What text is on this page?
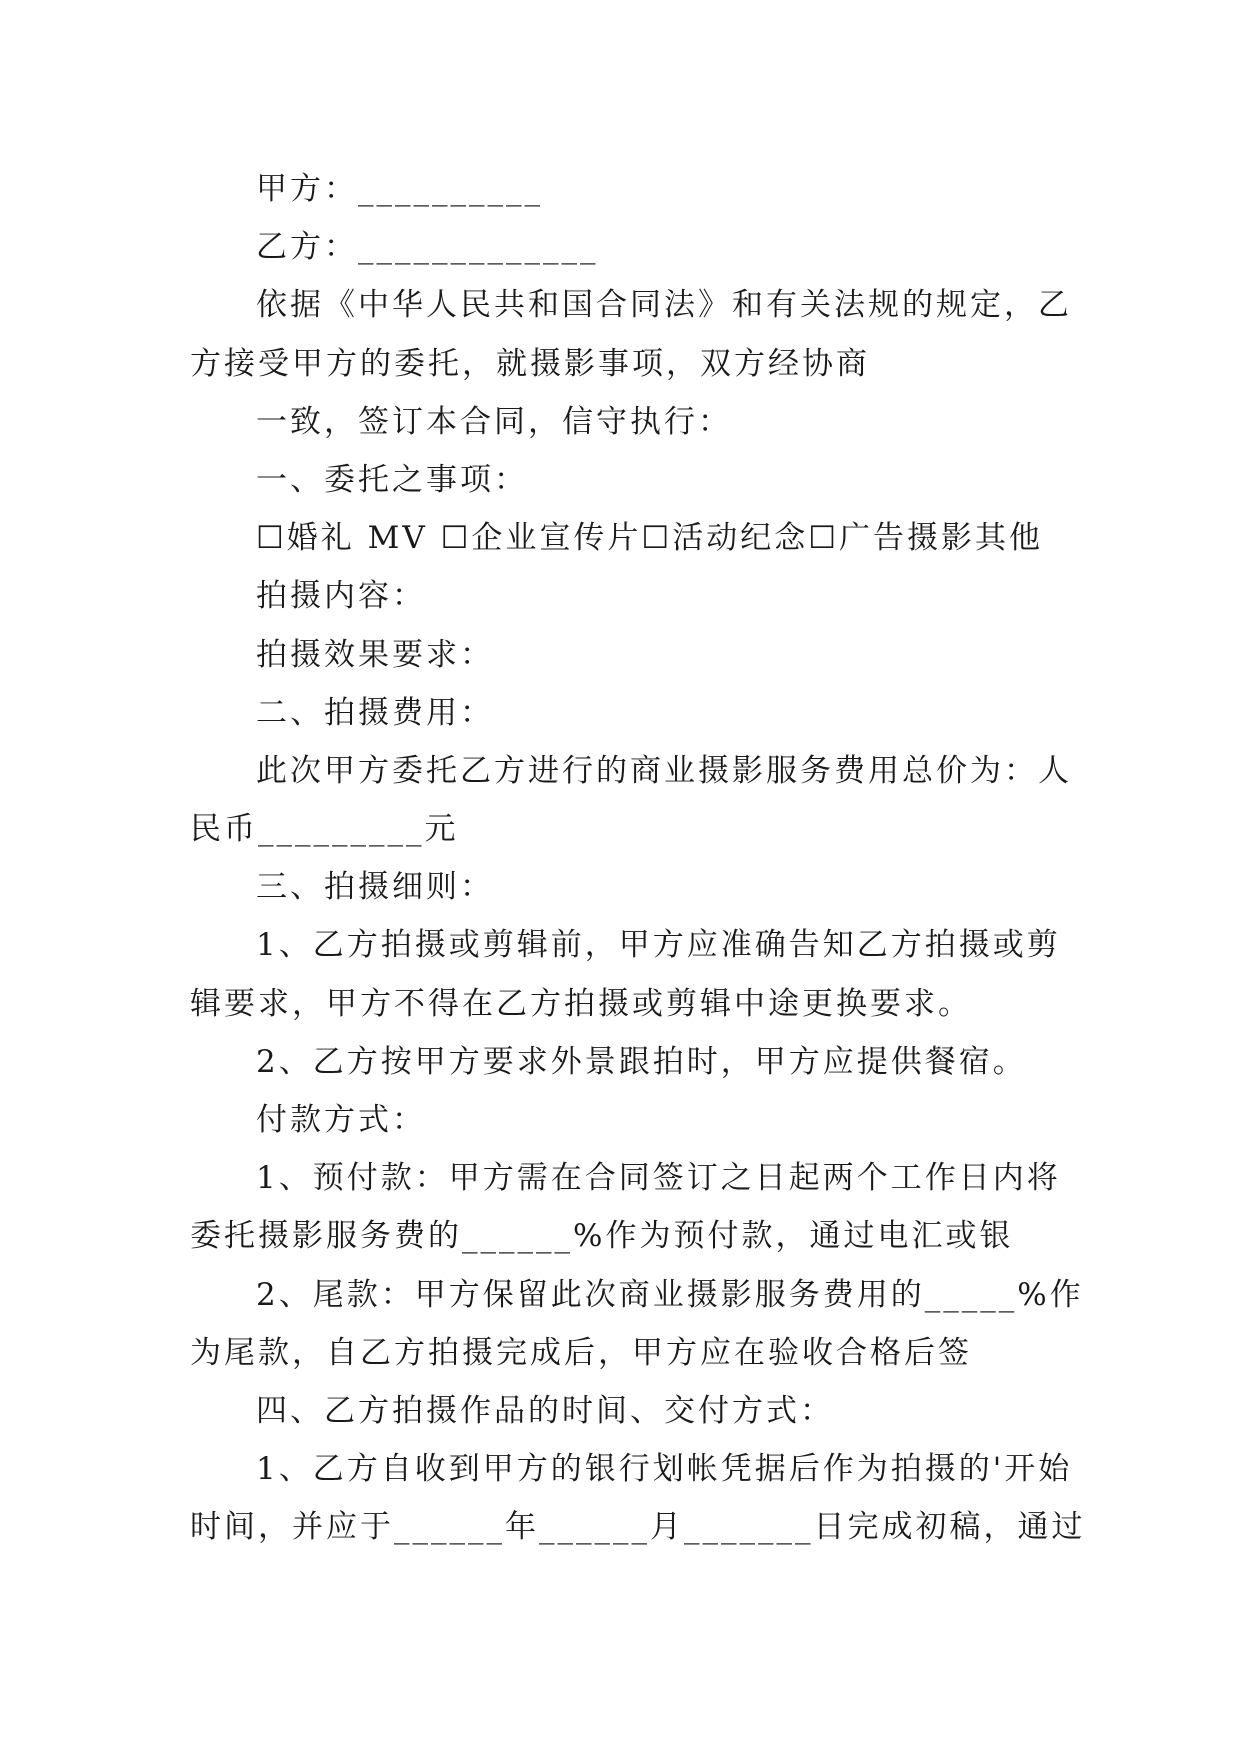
甲方：__________
乙方：_____________
依据《中华人民共和国合同法》和有关法规的规定，乙
方接受甲方的委托，就摄影事项，双方经协商
一致，签订本合同，信守执行：
一、委托之事项：
☐婚礼 MV ☐企业宣传片☐活动纪念☐广告摄影其他
拍摄内容：
拍摄效果要求：
二、拍摄费用：
此次甲方委托乙方进行的商业摄影服务费用总价为：人
民币_________元
三、拍摄细则：
1、乙方拍摄或剪辑前，甲方应准确告知乙方拍摄或剪
辑要求，甲方不得在乙方拍摄或剪辑中途更换要求。
2、乙方按甲方要求外景跟拍时，甲方应提供餐宿。
付款方式：
1、预付款：甲方需在合同签订之日起两个工作日内将
委托摄影服务费的______%作为预付款，通过电汇或银
2、尾款：甲方保留此次商业摄影服务费用的_____%作
为尾款，自乙方拍摄完成后，甲方应在验收合格后签
四、乙方拍摄作品的时间、交付方式：
1、乙方自收到甲方的银行划帐凭据后作为拍摄的'开始
时间，并应于______年______月_______日完成初稿，通过
